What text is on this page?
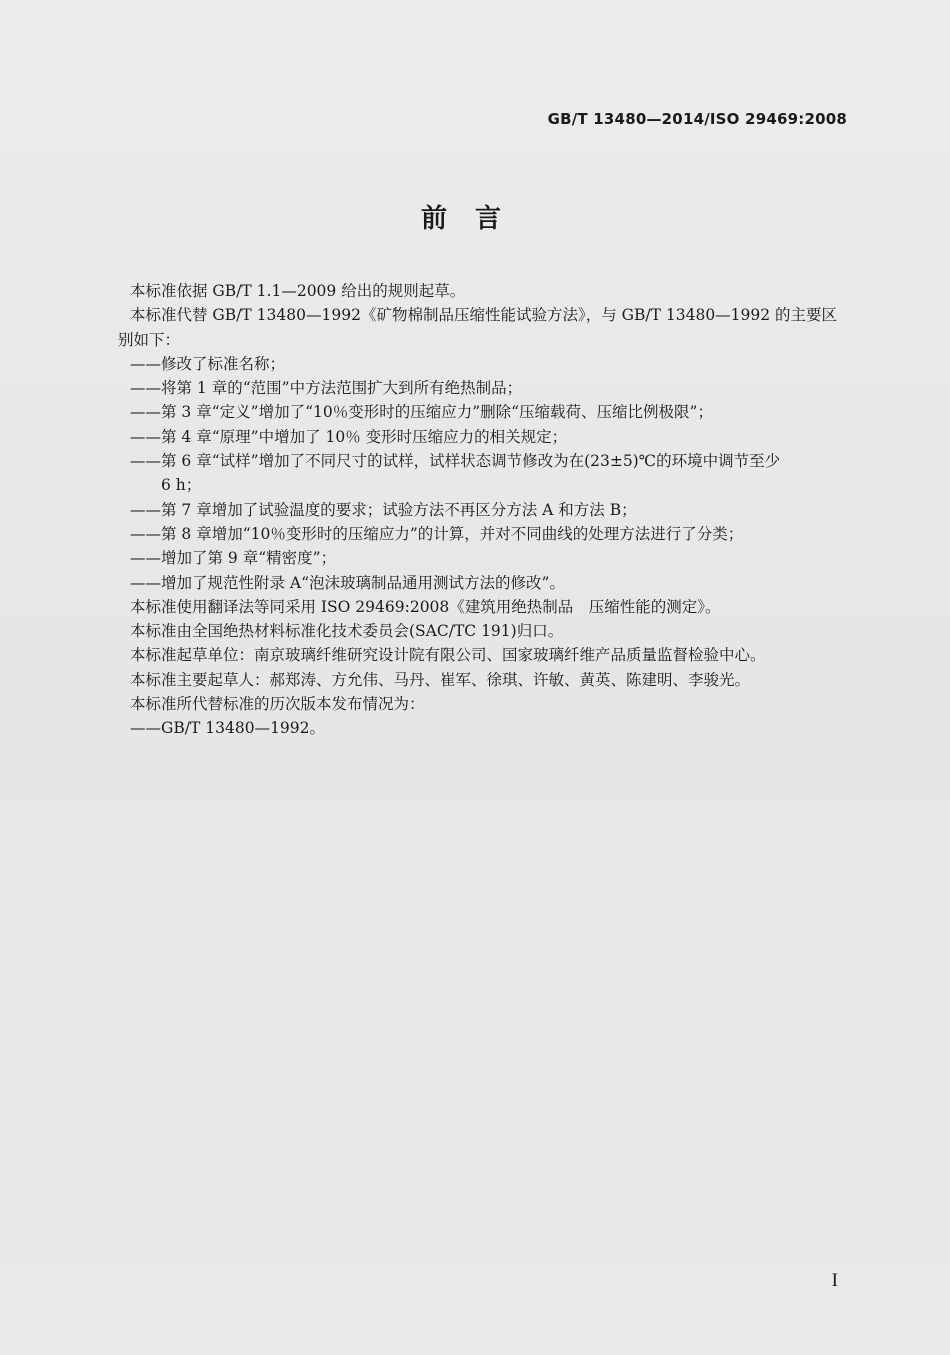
GB/T 13480—2014/ISO 29469:2008
前言

本标准依据 GB/T 1.1—2009 给出的规则起草。

本标准代替 GB/T 13480—1992《矿物棉制品压缩性能试验方法》，与 GB/T 13480—1992 的主要区

别如下：

——修改了标准名称；

——将第 1 章的“范围”中方法范围扩大到所有绝热制品；

——第 3 章“定义”增加了“10％变形时的压缩应力”删除“压缩载荷、压缩比例极限”；

——第 4 章“原理”中增加了 10％ 变形时压缩应力的相关规定；

——第 6 章“试样”增加了不同尺寸的试样，试样状态调节修改为在(23±5)℃的环境中调节至少

6 h；

——第 7 章增加了试验温度的要求；试验方法不再区分方法 A 和方法 B；

——第 8 章增加“10％变形时的压缩应力”的计算，并对不同曲线的处理方法进行了分类；

——增加了第 9 章“精密度”；

——增加了规范性附录 A“泡沫玻璃制品通用测试方法的修改”。

本标准使用翻译法等同采用 ISO 29469:2008《建筑用绝热制品　压缩性能的测定》。

本标准由全国绝热材料标准化技术委员会(SAC/TC 191)归口。

本标准起草单位：南京玻璃纤维研究设计院有限公司、国家玻璃纤维产品质量监督检验中心。

本标准主要起草人：郝郑涛、方允伟、马丹、崔军、徐琪、许敏、黄英、陈建明、李骏光。

本标准所代替标准的历次版本发布情况为：

——GB/T 13480—1992。

I
